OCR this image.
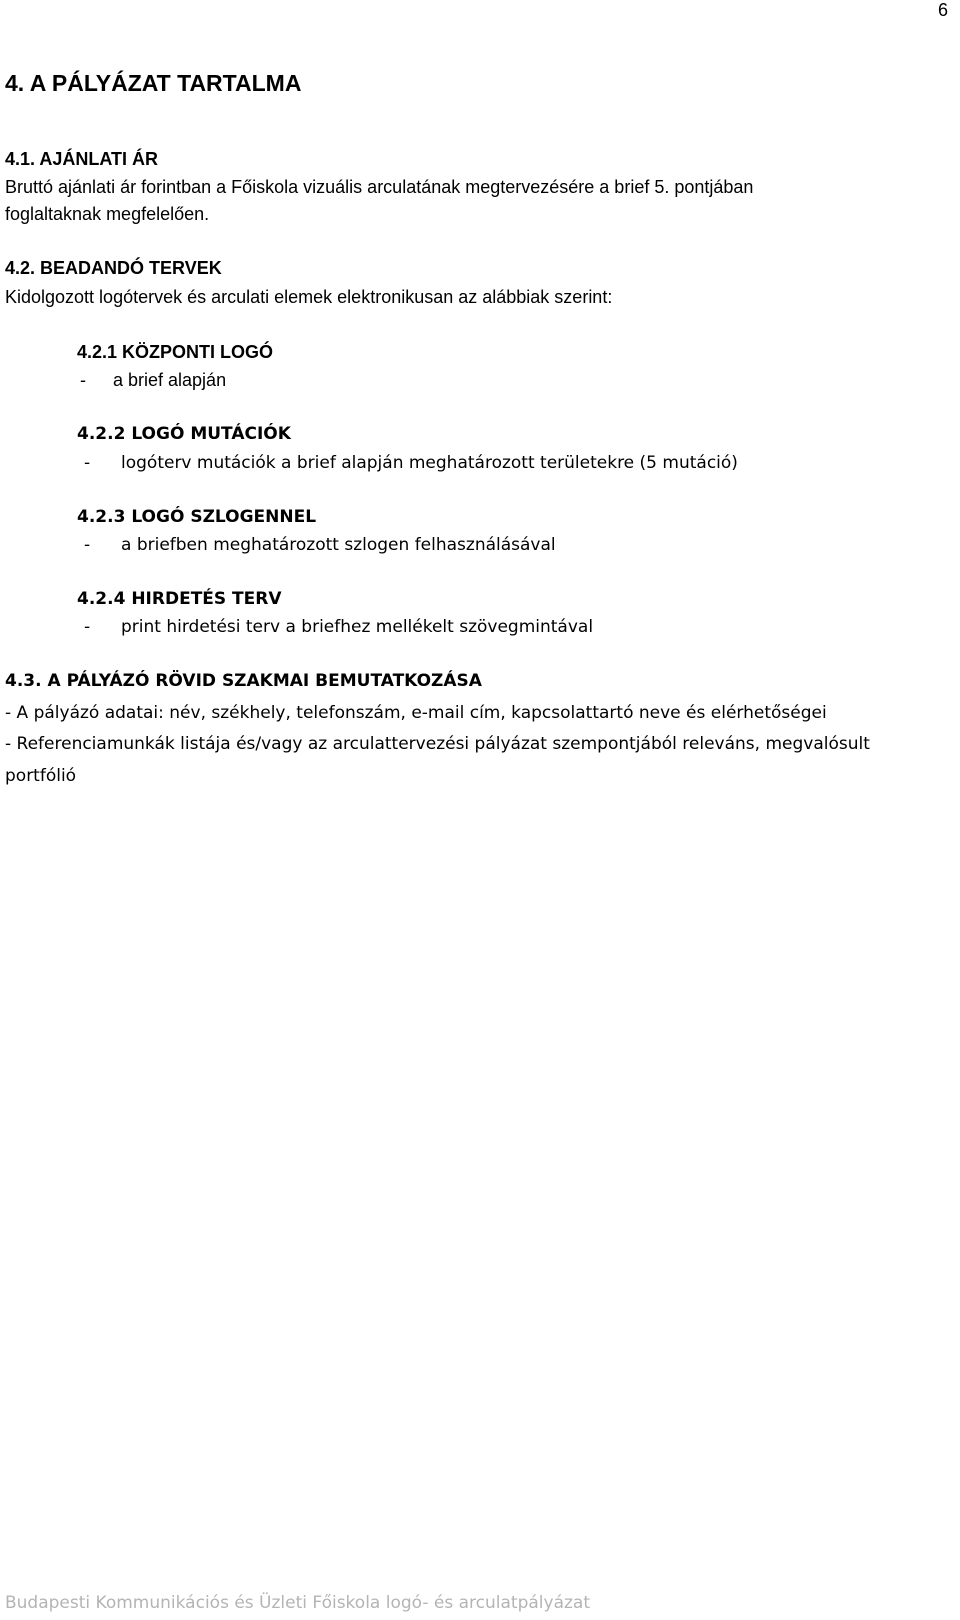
6
4. A PÁLYÁZAT TARTALMA
4.1. AJÁNLATI ÁR
Bruttó ajánlati ár forintban a Főiskola vizuális arculatának megtervezésére a brief 5. pontjában
foglaltaknak megfelelően.
4.2. BEADANDÓ TERVEK
Kidolgozott logótervek és arculati elemek elektronikusan az alábbiak szerint:
4.2.1 KÖZPONTI LOGÓ
- a brief alapján
4.2.2 LOGÓ MUTÁCIÓK
- logóterv mutációk a brief alapján meghatározott területekre (5 mutáció)
4.2.3 LOGÓ SZLOGENNEL
- a briefben meghatározott szlogen felhasználásával
4.2.4 HIRDETÉS TERV
- print hirdetési terv a briefhez mellékelt szövegmintával
4.3. A PÁLYÁZÓ RÖVID SZAKMAI BEMUTATKOZÁSA
- A pályázó adatai: név, székhely, telefonszám, e-mail cím, kapcsolattartó neve és elérhetőségei
- Referenciamunkák listája és/vagy az arculattervezési pályázat szempontjából releváns, megvalósult
portfólió
Budapesti Kommunikációs és Üzleti Főiskola logó- és arculatpályázat
